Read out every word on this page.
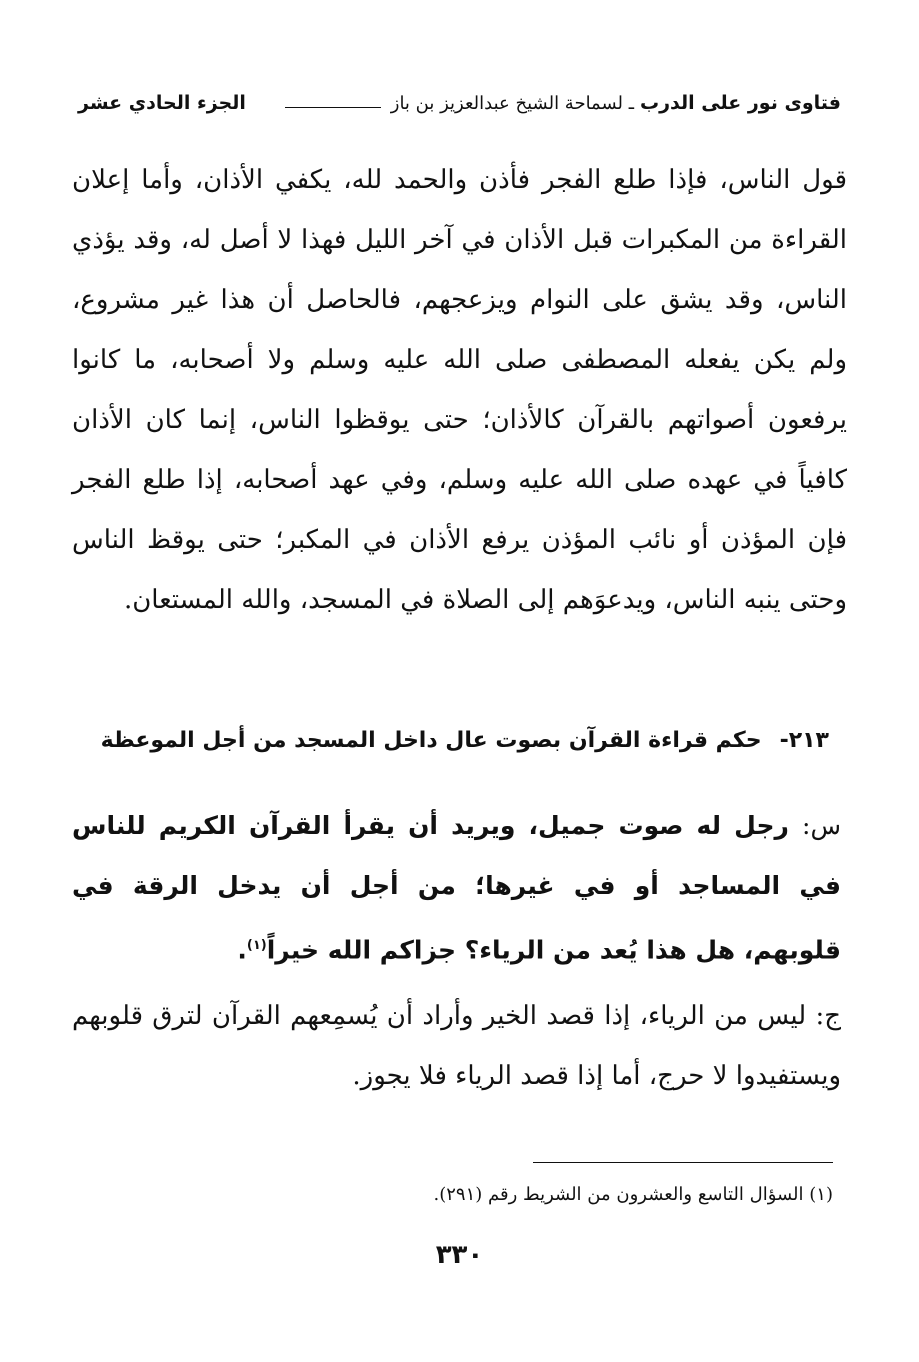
فتاوى نور على الدرب
ـ لسماحة الشيخ عبدالعزيز بن باز
الجزء الحادي عشر

قول الناس، فإذا طلع الفجر فأذن والحمد لله، يكفي الأذان، وأما إعلان القراءة من المكبرات قبل الأذان في آخر الليل فهذا لا أصل له، وقد يؤذي الناس، وقد يشق على النوام ويزعجهم، فالحاصل أن هذا غير مشروع، ولم يكن يفعله المصطفى صلى الله عليه وسلم ولا أصحابه، ما كانوا يرفعون أصواتهم بالقرآن كالأذان؛ حتى يوقظوا الناس، إنما كان الأذان كافياً في عهده صلى الله عليه وسلم، وفي عهد أصحابه، إذا طلع الفجر فإن المؤذن أو نائب المؤذن يرفع الأذان في المكبر؛ حتى يوقظ الناس وحتى ينبه الناس، ويدعوَهم إلى الصلاة في المسجد، والله المستعان.

٢١٣-
حكم قراءة القرآن بصوت عال داخل المسجد من أجل الموعظة

س: رجل له صوت جميل، ويريد أن يقرأ القرآن الكريم للناس في المساجد أو في غيرها؛ من أجل أن يدخل الرقة في قلوبهم، هل هذا يُعد من الرياء؟ جزاكم الله خيراً$^{(١)}$.

ج: ليس من الرياء، إذا قصد الخير وأراد أن يُسمِعهم القرآن لترق قلوبهم ويستفيدوا لا حرج، أما إذا قصد الرياء فلا يجوز.

(١) السؤال التاسع والعشرون من الشريط رقم (٢٩١).

٣٣٠
